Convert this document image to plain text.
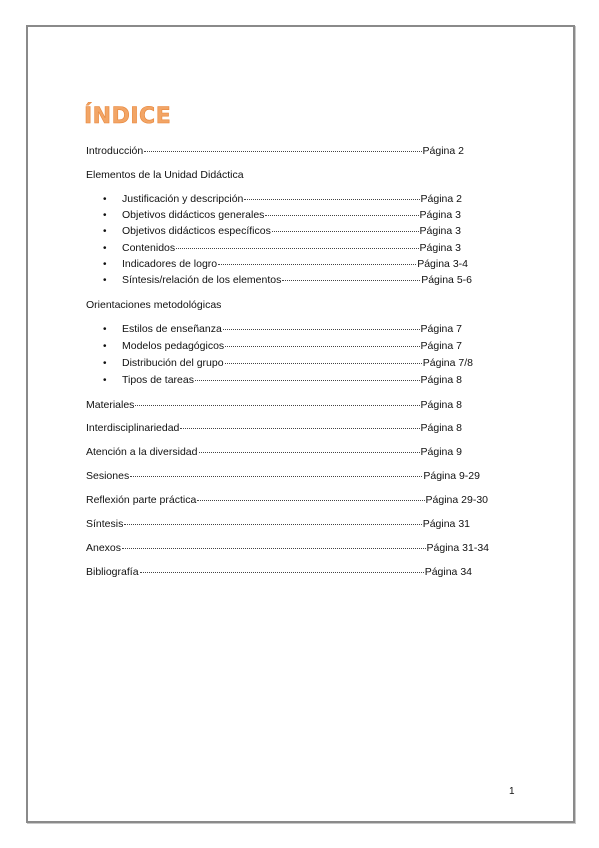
ÍNDICE
Introducción	Página 2
Elementos de la Unidad Didáctica
• Justificación y descripción	Página 2
• Objetivos didácticos generales	Página 3
• Objetivos didácticos específicos	Página 3
• Contenidos	Página 3
• Indicadores de logro	Página 3-4
• Síntesis/relación de los elementos	Página 5-6
Orientaciones metodológicas
• Estilos de enseñanza	Página 7
• Modelos pedagógicos	Página 7
• Distribución del grupo	Página 7/8
• Tipos de tareas	Página 8
Materiales	Página 8
Interdisciplinariedad	Página 8
Atención a la diversidad	Página 9
Sesiones	Página 9-29
Reflexión parte práctica	Página 29-30
Síntesis	Página 31
Anexos	Página 31-34
Bibliografía	Página 34
1
